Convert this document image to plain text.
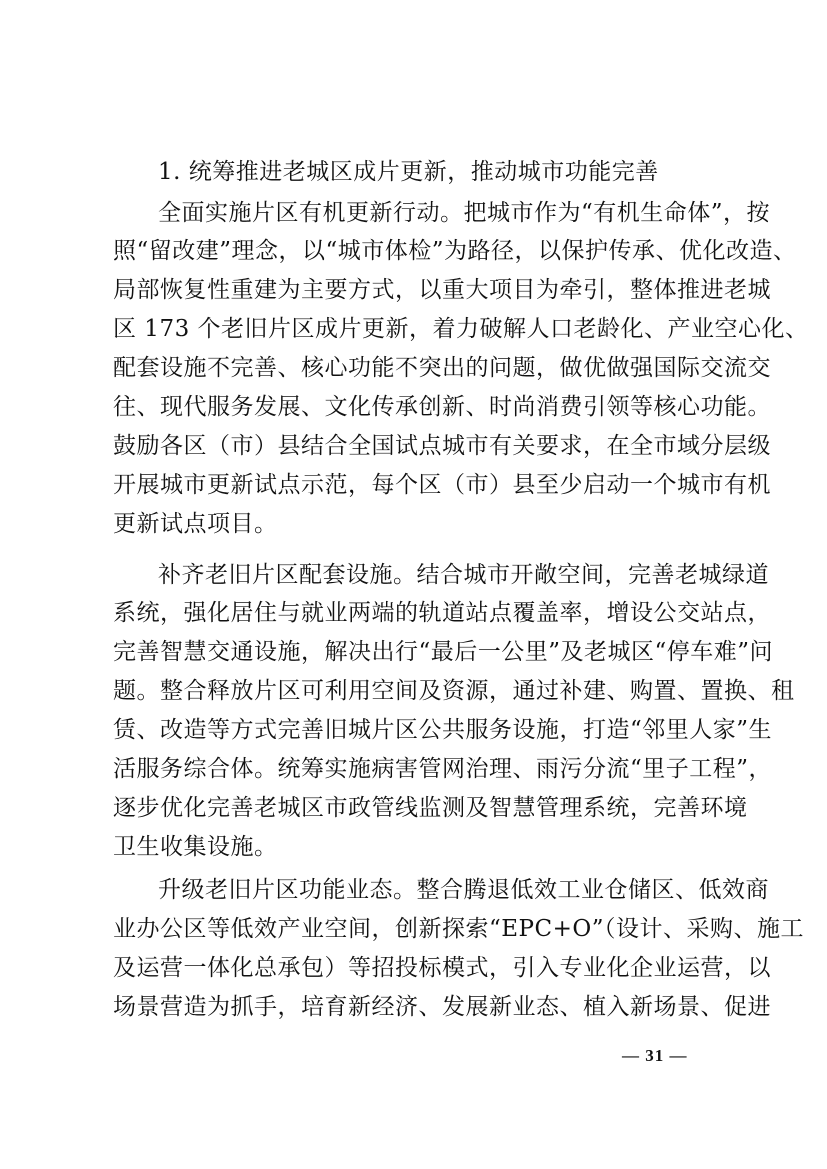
1. 统筹推进老城区成片更新，推动城市功能完善
全面实施片区有机更新行动。把城市作为“有机生命体”，按
照“留改建”理念，以“城市体检”为路径，以保护传承、优化改造、
局部恢复性重建为主要方式，以重大项目为牵引，整体推进老城
区 173 个老旧片区成片更新，着力破解人口老龄化、产业空心化、
配套设施不完善、核心功能不突出的问题，做优做强国际交流交
往、现代服务发展、文化传承创新、时尚消费引领等核心功能。
鼓励各区（市）县结合全国试点城市有关要求，在全市域分层级
开展城市更新试点示范，每个区（市）县至少启动一个城市有机
更新试点项目。
补齐老旧片区配套设施。结合城市开敞空间，完善老城绿道
系统，强化居住与就业两端的轨道站点覆盖率，增设公交站点，
完善智慧交通设施，解决出行“最后一公里”及老城区“停车难”问
题。整合释放片区可利用空间及资源，通过补建、购置、置换、租
赁、改造等方式完善旧城片区公共服务设施，打造“邻里人家”生
活服务综合体。统筹实施病害管网治理、雨污分流“里子工程”，
逐步优化完善老城区市政管线监测及智慧管理系统，完善环境
卫生收集设施。
升级老旧片区功能业态。整合腾退低效工业仓储区、低效商
业办公区等低效产业空间，创新探索“EPC+O”（设计、采购、施工
及运营一体化总承包）等招投标模式，引入专业化企业运营，以
场景营造为抓手，培育新经济、发展新业态、植入新场景、促进
— 31 —
